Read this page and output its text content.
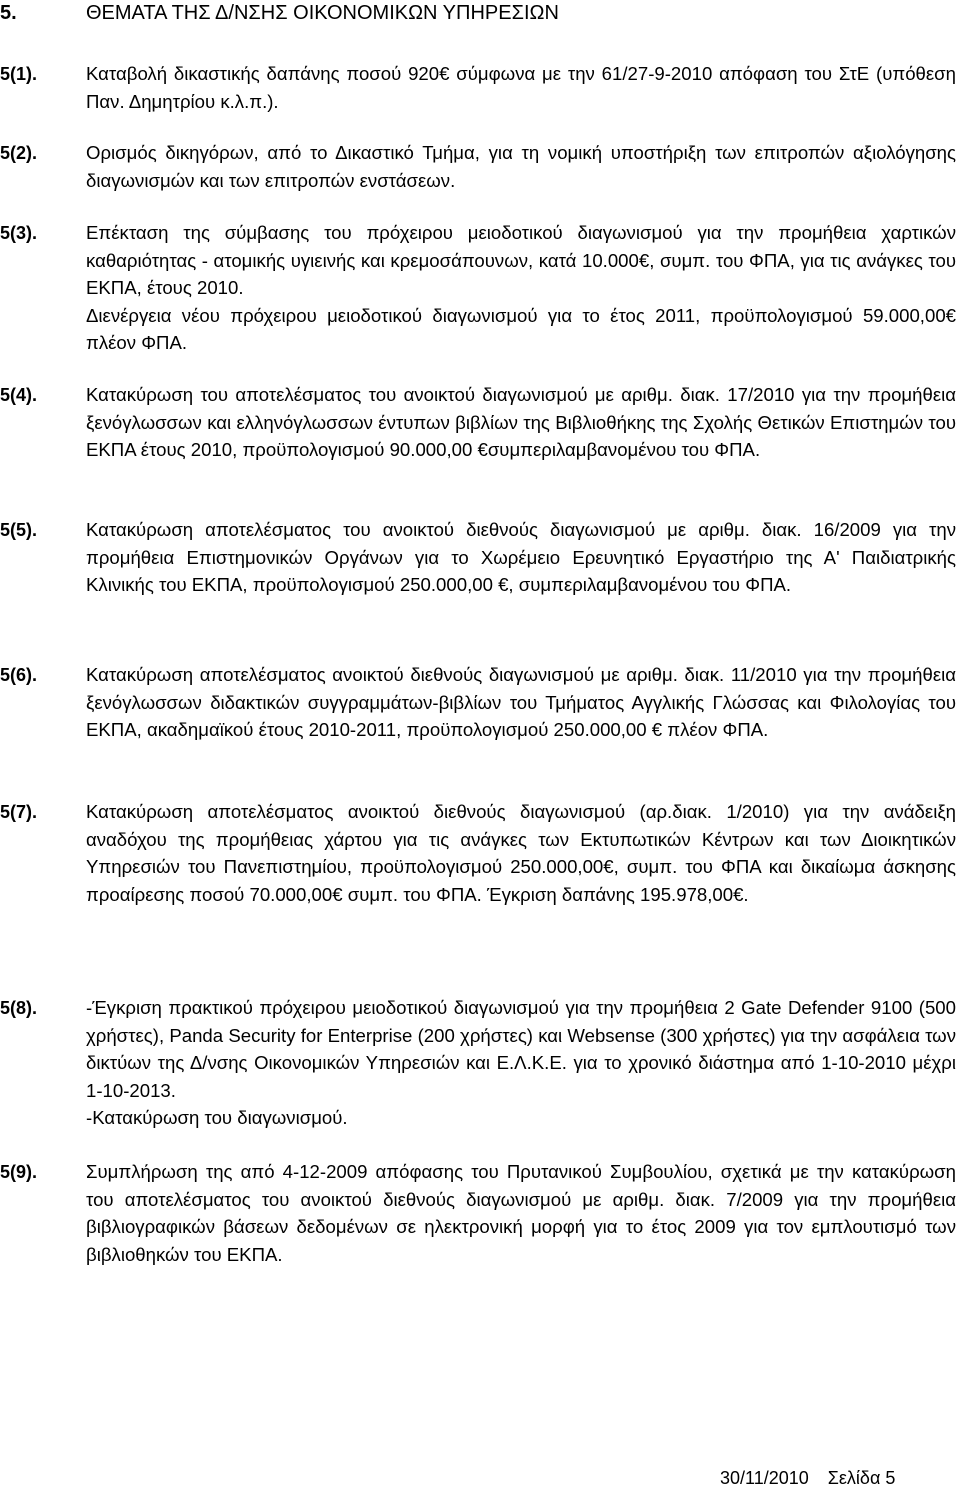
5.	ΘΕΜΑΤΑ ΤΗΣ Δ/ΝΣΗΣ ΟΙΚΟΝΟΜΙΚΩΝ ΥΠΗΡΕΣΙΩΝ
5(1).	Καταβολή δικαστικής δαπάνης ποσού 920€ σύμφωνα με την 61/27-9-2010 απόφαση του ΣτΕ (υπόθεση Παν. Δημητρίου κ.λ.π.).

5(2).	Ορισμός δικηγόρων, από το Δικαστικό Τμήμα, για τη νομική υποστήριξη των επιτροπών αξιολόγησης διαγωνισμών και των επιτροπών ενστάσεων.

5(3).	Επέκταση της σύμβασης του πρόχειρου μειοδοτικού διαγωνισμού για την προμήθεια χαρτικών καθαριότητας - ατομικής υγιεινής και κρεμοσάπουνων, κατά 10.000€, συμπ. του ΦΠΑ, για τις ανάγκες του ΕΚΠΑ, έτους 2010.

Διενέργεια νέου πρόχειρου μειοδοτικού διαγωνισμού για το έτος 2011, προϋπολογισμού 59.000,00€ πλέον ΦΠΑ.

5(4).	Κατακύρωση του αποτελέσματος του ανοικτού διαγωνισμού με αριθμ. διακ. 17/2010 για την προμήθεια ξενόγλωσσων και ελληνόγλωσσων έντυπων βιβλίων της Βιβλιοθήκης της Σχολής Θετικών Επιστημών του ΕΚΠΑ έτους 2010, προϋπολογισμού 90.000,00 €συμπεριλαμβανομένου του ΦΠΑ.

5(5).	Κατακύρωση αποτελέσματος του ανοικτού διεθνούς διαγωνισμού με αριθμ. διακ. 16/2009 για την προμήθεια Επιστημονικών Οργάνων για το Χωρέμειο Ερευνητικό Εργαστήριο της Α' Παιδιατρικής Κλινικής του ΕΚΠΑ, προϋπολογισμού 250.000,00 €, συμπεριλαμβανομένου του ΦΠΑ.

5(6).	Κατακύρωση αποτελέσματος ανοικτού διεθνούς διαγωνισμού με αριθμ. διακ. 11/2010 για την προμήθεια ξενόγλωσσων διδακτικών συγγραμμάτων-βιβλίων του Τμήματος Αγγλικής Γλώσσας και Φιλολογίας του ΕΚΠΑ, ακαδημαϊκού έτους 2010-2011, προϋπολογισμού 250.000,00 € πλέον ΦΠΑ.

5(7).	Κατακύρωση αποτελέσματος ανοικτού διεθνούς διαγωνισμού (αρ.διακ. 1/2010) για την ανάδειξη αναδόχου της προμήθειας χάρτου για τις ανάγκες των Εκτυπωτικών Κέντρων και των Διοικητικών Υπηρεσιών του Πανεπιστημίου, προϋπολογισμού 250.000,00€, συμπ. του ΦΠΑ και δικαίωμα άσκησης προαίρεσης ποσού 70.000,00€ συμπ. του ΦΠΑ. Έγκριση δαπάνης 195.978,00€.

5(8).	-Έγκριση πρακτικού πρόχειρου μειοδοτικού διαγωνισμού για την προμήθεια 2 Gate Defender 9100 (500 χρήστες), Panda Security for Enterprise (200 χρήστες) και Websense (300 χρήστες) για την ασφάλεια των δικτύων της Δ/νσης Οικονομικών Υπηρεσιών και Ε.Λ.Κ.Ε. για το χρονικό διάστημα από 1-10-2010 μέχρι 1-10-2013.

-Κατακύρωση του διαγωνισμού.

5(9).	Συμπλήρωση της από 4-12-2009 απόφασης του Πρυτανικού Συμβουλίου, σχετικά με την κατακύρωση του αποτελέσματος του ανοικτού διεθνούς διαγωνισμού με αριθμ. διακ. 7/2009 για την προμήθεια βιβλιογραφικών βάσεων δεδομένων σε ηλεκτρονική μορφή για το έτος 2009 για τον εμπλουτισμό των βιβλιοθηκών του ΕΚΠΑ.

30/11/2010 Σελίδα 5
